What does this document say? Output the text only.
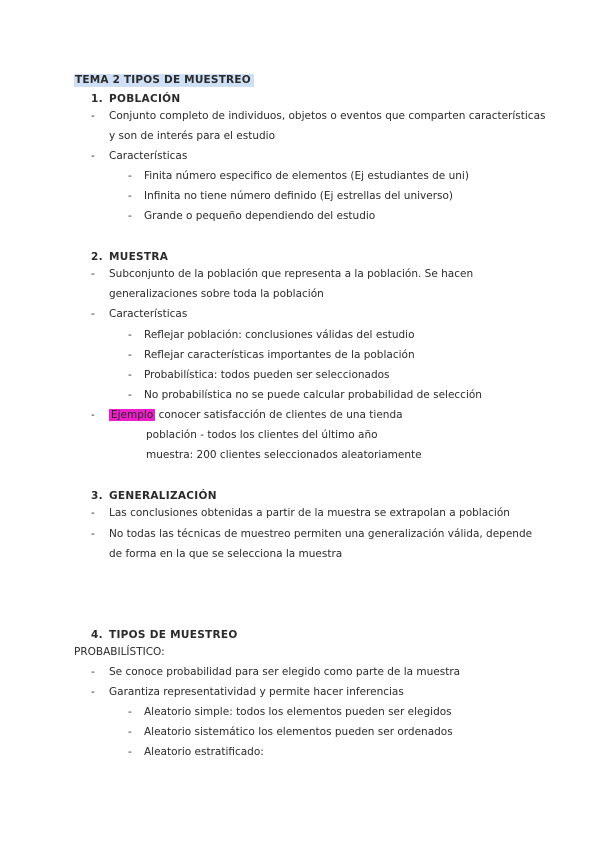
TEMA 2 TIPOS DE MUESTREO
1. POBLACIÓN
- Conjunto completo de individuos, objetos o eventos que comparten características
y son de interés para el estudio
- Características
- Finita número especifico de elementos (Ej estudiantes de uni)
- Infinita no tiene número definido (Ej estrellas del universo)
- Grande o pequeño dependiendo del estudio
2. MUESTRA
- Subconjunto de la población que representa a la población. Se hacen
generalizaciones sobre toda la población
- Características
- Reflejar población: conclusiones válidas del estudio
- Reflejar características importantes de la población
- Probabilística: todos pueden ser seleccionados
- No probabilística no se puede calcular probabilidad de selección
- Ejemplo conocer satisfacción de clientes de una tienda
población - todos los clientes del último año
muestra: 200 clientes seleccionados aleatoriamente
3. GENERALIZACIÓN
- Las conclusiones obtenidas a partir de la muestra se extrapolan a población
- No todas las técnicas de muestreo permiten una generalización válida, depende
de forma en la que se selecciona la muestra
4. TIPOS DE MUESTREO
PROBABILÍSTICO:
- Se conoce probabilidad para ser elegido como parte de la muestra
- Garantiza representatividad y permite hacer inferencias
- Aleatorio simple: todos los elementos pueden ser elegidos
- Aleatorio sistemático los elementos pueden ser ordenados
- Aleatorio estratificado:
